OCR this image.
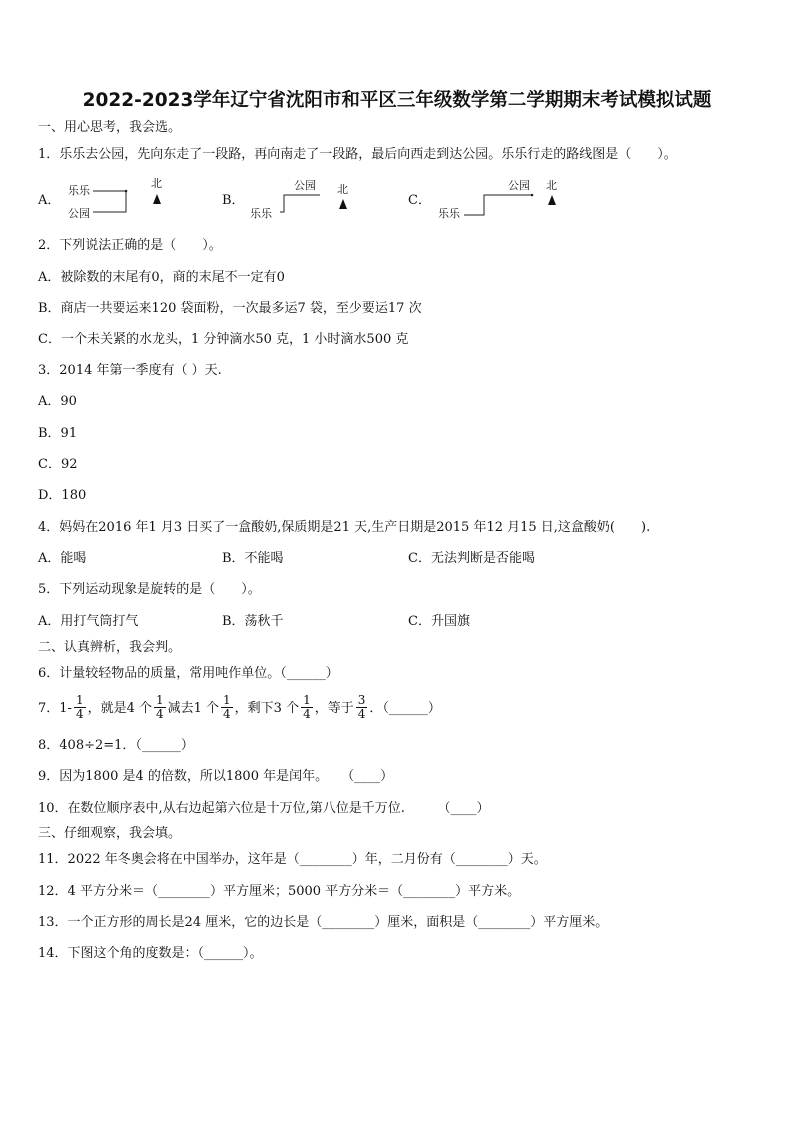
2022-2023学年辽宁省沈阳市和平区三年级数学第二学期期末考试模拟试题
一、用心思考，我会选。
1．乐乐去公园，先向东走了一段路，再向南走了一段路，最后向西走到达公园。乐乐行走的路线图是（　　）。
A．
乐乐
公园
北
B．
公园
乐乐
北
C．
公园
乐乐
北
2．下列说法正确的是（　　）。
A．被除数的末尾有0，商的末尾不一定有0
B．商店一共要运来120 袋面粉，一次最多运7 袋，至少要运17 次
C．一个未关紧的水龙头，1 分钟滴水50 克，1 小时滴水500 克
3．2014 年第一季度有（ ）天.
A．90
B．91
C．92
D．180
4．妈妈在2016 年1 月3 日买了一盒酸奶,保质期是21 天,生产日期是2015 年12 月15 日,这盒酸奶(　　).
A．能喝	B．不能喝	C．无法判断是否能喝
5．下列运动现象是旋转的是（　　）。
A．用打气筒打气	B．荡秋千	C．升国旗
二、认真辨析，我会判。
6．计量较轻物品的质量，常用吨作单位。（______）
7．$1- \frac{1}{4}$ ，就是4 个 $\frac{1}{4}$ 减去1 个 $\frac{1}{4}$ ，剩下3 个 $\frac{1}{4}$ ，等于 $\frac{3}{4}$ ．（______）
8．408÷2=1．（______）
9．因为1800 是4 的倍数，所以1800 年是闰年。　　（____）
10．在数位顺序表中,从右边起第六位是十万位,第八位是千万位.　　　（____）
三、仔细观察，我会填。
11．2022 年冬奥会将在中国举办，这年是（________）年，二月份有（________）天。
12．4 平方分米＝（________）平方厘米；5000 平方分米＝（________）平方米。
13．一个正方形的周长是24 厘米，它的边长是（________）厘米，面积是（________）平方厘米。
14．下图这个角的度数是：（______）。
